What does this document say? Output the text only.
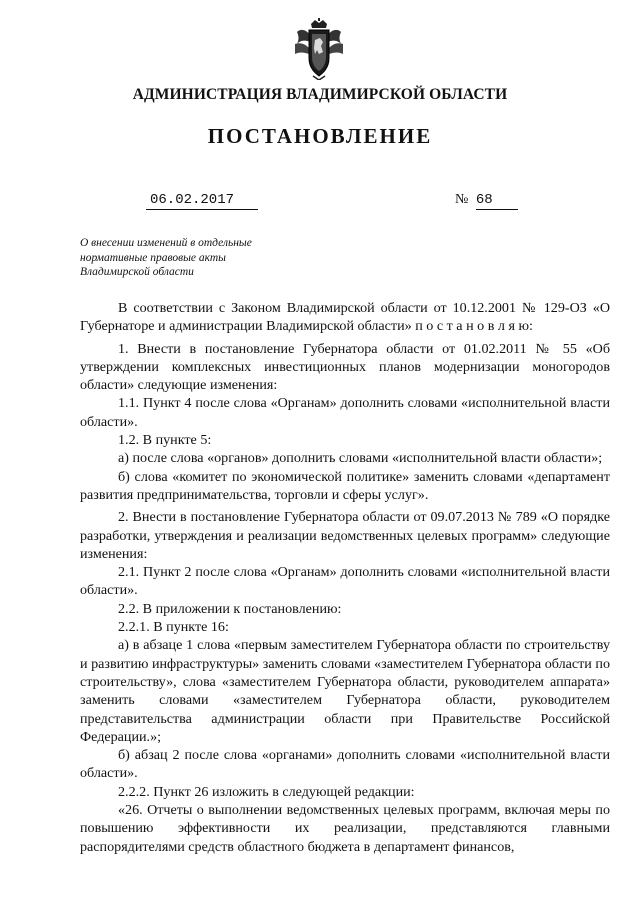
АДМИНИСТРАЦИЯ ВЛАДИМИРСКОЙ ОБЛАСТИ
ПОСТАНОВЛЕНИЕ
06.02.2017	№ 68
О внесении изменений в отдельные
нормативные правовые акты
Владимирской области

В соответствии с Законом Владимирской области от 10.12.2001 № 129-ОЗ «О Губернаторе и администрации Владимирской области» п о с т а н о в л я ю:

1. Внести в постановление Губернатора области от 01.02.2011 № 55 «Об утверждении комплексных инвестиционных планов модернизации моногородов области» следующие изменения:

1.1. Пункт 4 после слова «Органам» дополнить словами «исполнительной власти области».

1.2. В пункте 5:

а) после слова «органов» дополнить словами «исполнительной власти области»;

б) слова «комитет по экономической политике» заменить словами «департамент развития предпринимательства, торговли и сферы услуг».

2. Внести в постановление Губернатора области от 09.07.2013 № 789 «О порядке разработки, утверждения и реализации ведомственных целевых программ» следующие изменения:

2.1. Пункт 2 после слова «Органам» дополнить словами «исполнительной власти области».

2.2. В приложении к постановлению:

2.2.1. В пункте 16:

а) в абзаце 1 слова «первым заместителем Губернатора области по строительству и развитию инфраструктуры» заменить словами «заместителем Губернатора области по строительству», слова «заместителем Губернатора области, руководителем аппарата» заменить словами «заместителем Губернатора области, руководителем представительства администрации области при Правительстве Российской Федерации.»;

б) абзац 2 после слова «органами» дополнить словами «исполнительной власти области».

2.2.2. Пункт 26 изложить в следующей редакции:

«26. Отчеты о выполнении ведомственных целевых программ, включая меры по повышению эффективности их реализации, представляются главными распорядителями средств областного бюджета в департамент финансов,
